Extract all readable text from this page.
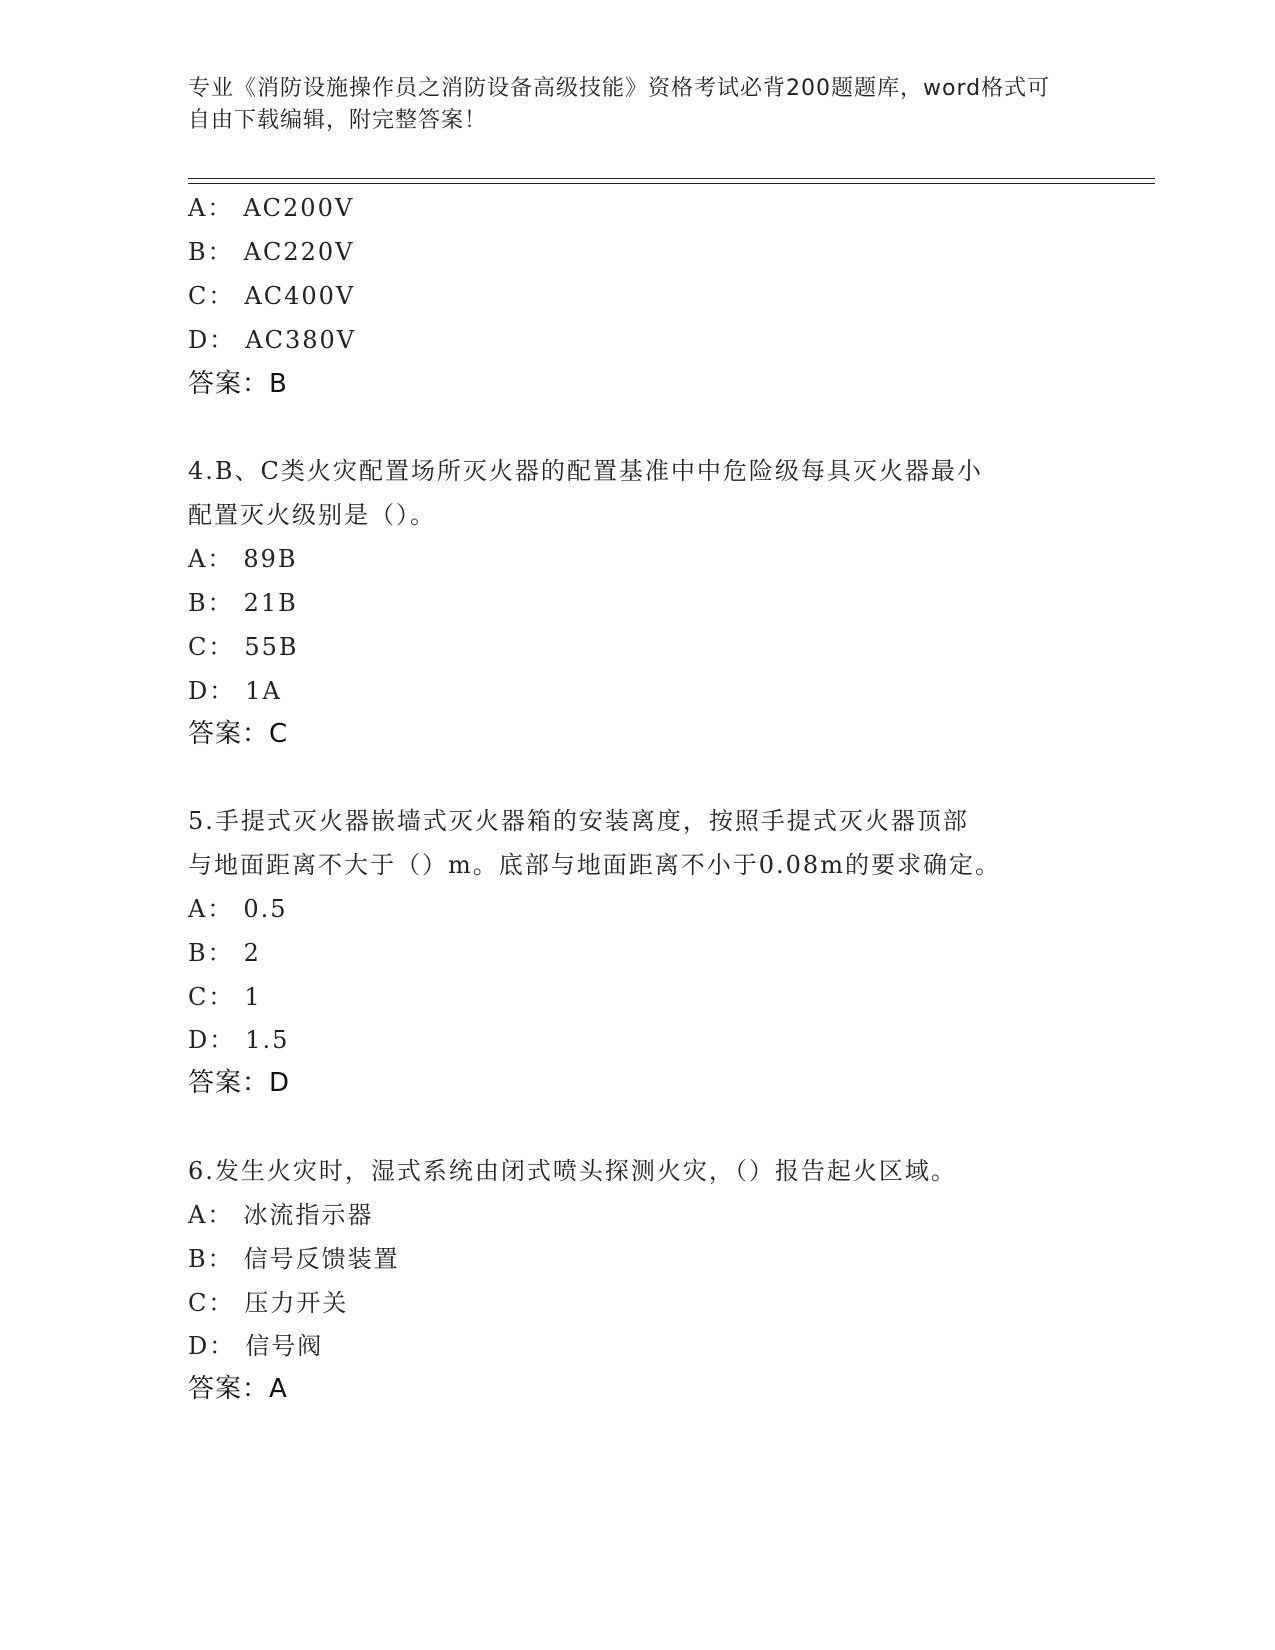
专业《消防设施操作员之消防设备高级技能》资格考试必背200题题库，word格式可自由下载编辑，附完整答案！
A： AC200V
B： AC220V
C： AC400V
D： AC380V
答案：B
4.B、C类火灾配置场所灭火器的配置基准中中危险级每具灭火器最小
配置灭火级别是（）。
A： 89B
B： 21B
C： 55B
D： 1A
答案：C
5.手提式灭火器嵌墙式灭火器箱的安装离度，按照手提式灭火器顶部
与地面距离不大于（）m。底部与地面距离不小于0.08m的要求确定。
A： 0.5
B： 2
C： 1
D： 1.5
答案：D
6.发生火灾时，湿式系统由闭式喷头探测火灾，（）报告起火区域。
A： 冰流指示器
B： 信号反馈装置
C： 压力开关
D： 信号阀
答案：A
